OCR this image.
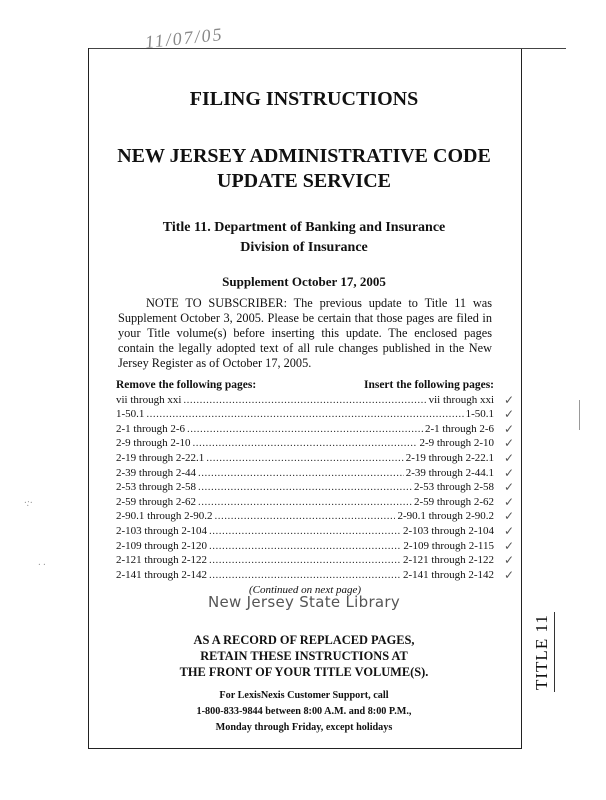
11/07/05
·:·
· ·
FILING INSTRUCTIONS
NEW JERSEY ADMINISTRATIVE CODE
UPDATE SERVICE
Title 11. Department of Banking and Insurance
Division of Insurance
Supplement October 17, 2005
NOTE TO SUBSCRIBER: The previous update to Title 11 was Supplement October 3, 2005. Please be certain that those pages are filed in your Title volume(s) before inserting this update. The enclosed pages contain the legally adopted text of all rule changes published in the New Jersey Register as of October 17, 2005.
Remove the following pages:	Insert the following pages:
vii through xxi .....	vii through xxi ✓
1-50.1 .....	1-50.1 ✓
2-1 through 2-6 .....	2-1 through 2-6 ✓
2-9 through 2-10 .....	2-9 through 2-10 ✓
2-19 through 2-22.1 .....	2-19 through 2-22.1 ✓
2-39 through 2-44 .....	2-39 through 2-44.1 ✓
2-53 through 2-58 .....	2-53 through 2-58 ✓
2-59 through 2-62 .....	2-59 through 2-62 ✓
2-90.1 through 2-90.2 .....	2-90.1 through 2-90.2 ✓
2-103 through 2-104 .....	2-103 through 2-104 ✓
2-109 through 2-120 .....	2-109 through 2-115 ✓
2-121 through 2-122 .....	2-121 through 2-122 ✓
2-141 through 2-142 .....	2-141 through 2-142 ✓
(Continued on next page)
New Jersey State Library
AS A RECORD OF REPLACED PAGES,
RETAIN THESE INSTRUCTIONS AT
THE FRONT OF YOUR TITLE VOLUME(S).
For LexisNexis Customer Support, call
1-800-833-9844 between 8:00 A.M. and 8:00 P.M.,
Monday through Friday, except holidays
TITLE 11
